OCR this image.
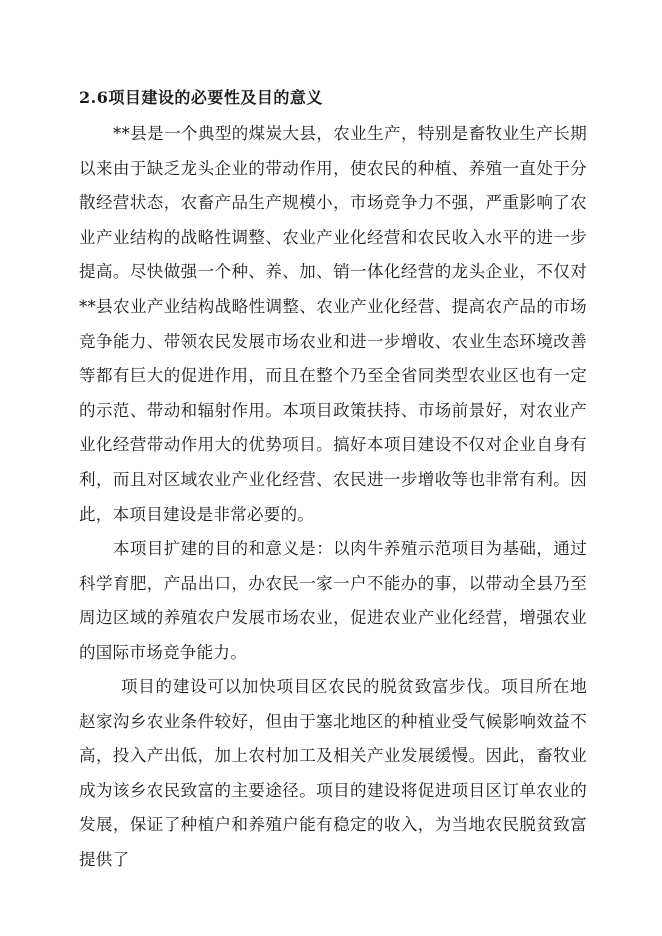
2.6项目建设的必要性及目的意义

**县是一个典型的煤炭大县，农业生产，特别是畜牧业生产长期以来由于缺乏龙头企业的带动作用，使农民的种植、养殖一直处于分散经营状态，农畜产品生产规模小，市场竞争力不强，严重影响了农业产业结构的战略性调整、农业产业化经营和农民收入水平的进一步提高。尽快做强一个种、养、加、销一体化经营的龙头企业，不仅对**县农业产业结构战略性调整、农业产业化经营、提高农产品的市场竞争能力、带领农民发展市场农业和进一步增收、农业生态环境改善等都有巨大的促进作用，而且在整个乃至全省同类型农业区也有一定的示范、带动和辐射作用。本项目政策扶持、市场前景好，对农业产业化经营带动作用大的优势项目。搞好本项目建设不仅对企业自身有利，而且对区域农业产业化经营、农民进一步增收等也非常有利。因此，本项目建设是非常必要的。

本项目扩建的目的和意义是：以肉牛养殖示范项目为基础，通过科学育肥，产品出口，办农民一家一户不能办的事，以带动全县乃至周边区域的养殖农户发展市场农业，促进农业产业化经营，增强农业的国际市场竞争能力。

项目的建设可以加快项目区农民的脱贫致富步伐。项目所在地赵家沟乡农业条件较好，但由于塞北地区的种植业受气候影响效益不高，投入产出低，加上农村加工及相关产业发展缓慢。因此，畜牧业成为该乡农民致富的主要途径。项目的建设将促进项目区订单农业的发展，保证了种植户和养殖户能有稳定的收入，为当地农民脱贫致富提供了
